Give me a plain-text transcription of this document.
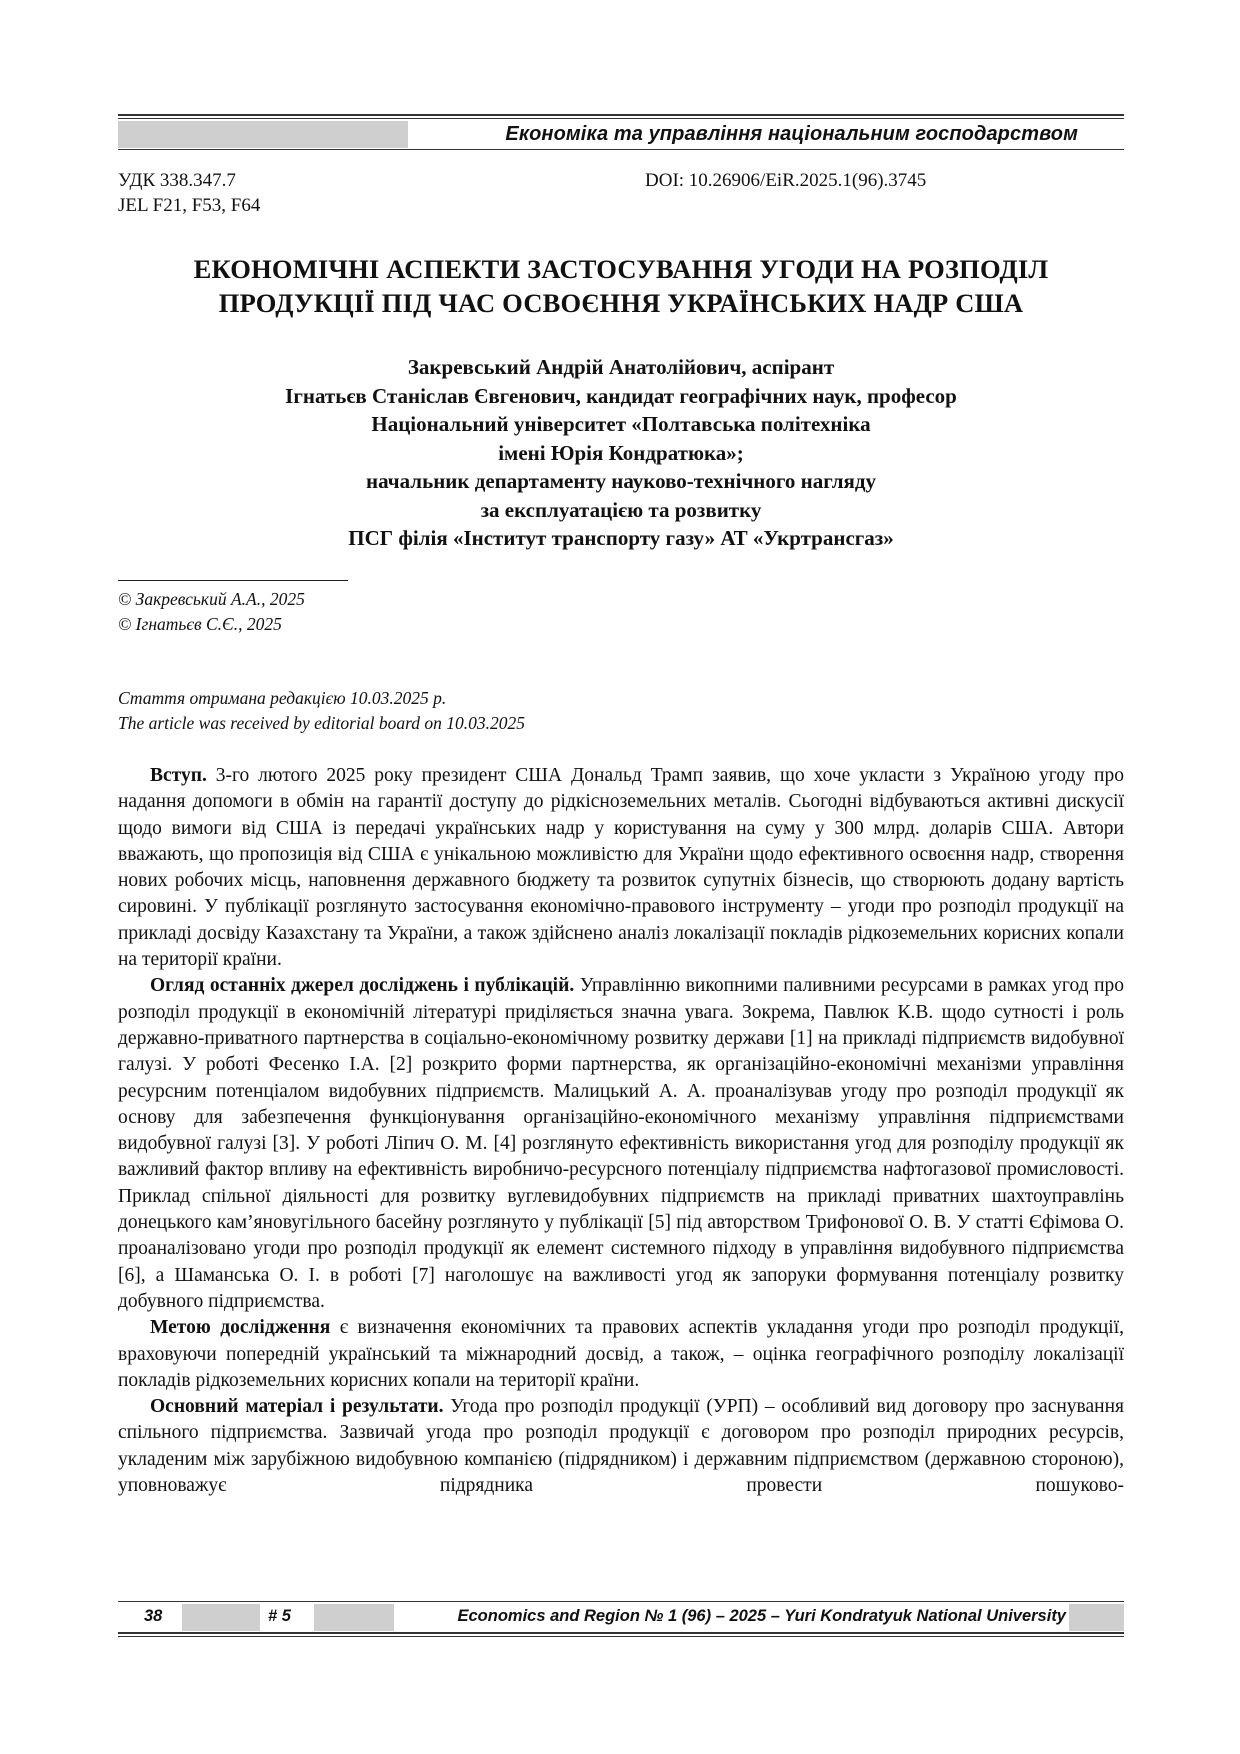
Економіка та управління національним господарством
УДК 338.347.7
JEL F21, F53, F64
DOI: 10.26906/EiR.2025.1(96).3745
ЕКОНОМІЧНІ АСПЕКТИ ЗАСТОСУВАННЯ УГОДИ НА РОЗПОДІЛ
ПРОДУКЦІЇ ПІД ЧАС ОСВОЄННЯ УКРАЇНСЬКИХ НАДР США
Закревський Андрій Анатолійович, аспірант
Ігнатьєв Станіслав Євгенович, кандидат географічних наук, професор
Національний університет «Полтавська політехніка
імені Юрія Кондратюка»;
начальник департаменту науково-технічного нагляду
за експлуатацією та розвитку
ПСГ філія «Інститут транспорту газу» АТ «Укртрансгаз»
© Закревський А.А., 2025
© Ігнатьєв С.Є., 2025
Стаття отримана редакцією 10.03.2025 р.
The article was received by editorial board on 10.03.2025

Вступ. 3-го лютого 2025 року президент США Дональд Трамп заявив, що хоче укласти з Україною угоду про надання допомоги в обмін на гарантії доступу до рідкісноземельних металів. Сьогодні відбуваються активні дискусії щодо вимоги від США із передачі українських надр у користування на суму у 300 млрд. доларів США. Автори вважають, що пропозиція від США є унікальною можливістю для України щодо ефективного освоєння надр, створення нових робочих місць, наповнення державного бюджету та розвиток супутніх бізнесів, що створюють додану вартість сировині. У публікації розглянуто застосування економічно-правового інструменту – угоди про розподіл продукції на прикладі досвіду Казахстану та України, а також здійснено аналіз локалізації покладів рідкоземельних корисних копали на території країни.

Огляд останніх джерел досліджень і публікацій. Управлінню викопними паливними ресурсами в рамках угод про розподіл продукції в економічній літературі приділяється значна увага. Зокрема, Павлюк К.В. щодо сутності і роль державно-приватного партнерства в соціально-економічному розвитку держави [1] на прикладі підприємств видобувної галузі. У роботі Фесенко І.А. [2] розкрито форми партнерства, як організаційно-економічні механізми управління ресурсним потенціалом видобувних підприємств. Малицький А. А. проаналізував угоду про розподіл продукції як основу для забезпечення функціонування організаційно-економічного механізму управління підприємствами видобувної галузі [3]. У роботі Ліпич О. М. [4] розглянуто ефективність використання угод для розподілу продукції як важливий фактор впливу на ефективність виробничо-ресурсного потенціалу підприємства нафтогазової промисловості. Приклад спільної діяльності для розвитку вуглевидобувних підприємств на прикладі приватних шахтоуправлінь донецького кам’яновугільного басейну розглянуто у публікації [5] під авторством Трифонової О. В. У статті Єфімова О. проаналізовано угоди про розподіл продукції як елемент системного підходу в управління видобувного підприємства [6], а Шаманська О. І. в роботі [7] наголошує на важливості угод як запоруки формування потенціалу розвитку добувного підприємства.

Метою дослідження є визначення економічних та правових аспектів укладання угоди про розподіл продукції, враховуючи попередній український та міжнародний досвід, а також, – оцінка географічного розподілу локалізації покладів рідкоземельних корисних копали на території країни.

Основний матеріал і результати. Угода про розподіл продукції (УРП) – особливий вид договору про заснування спільного підприємства. Зазвичай угода про розподіл продукції є договором про розподіл природних ресурсів, укладеним між зарубіжною видобувною компанією (підрядником) і державним підприємством (державною стороною), уповноважує підрядника провести пошуково-

38	# 5	Economics and Region № 1 (96) – 2025 – Yuri Kondratyuk National University
